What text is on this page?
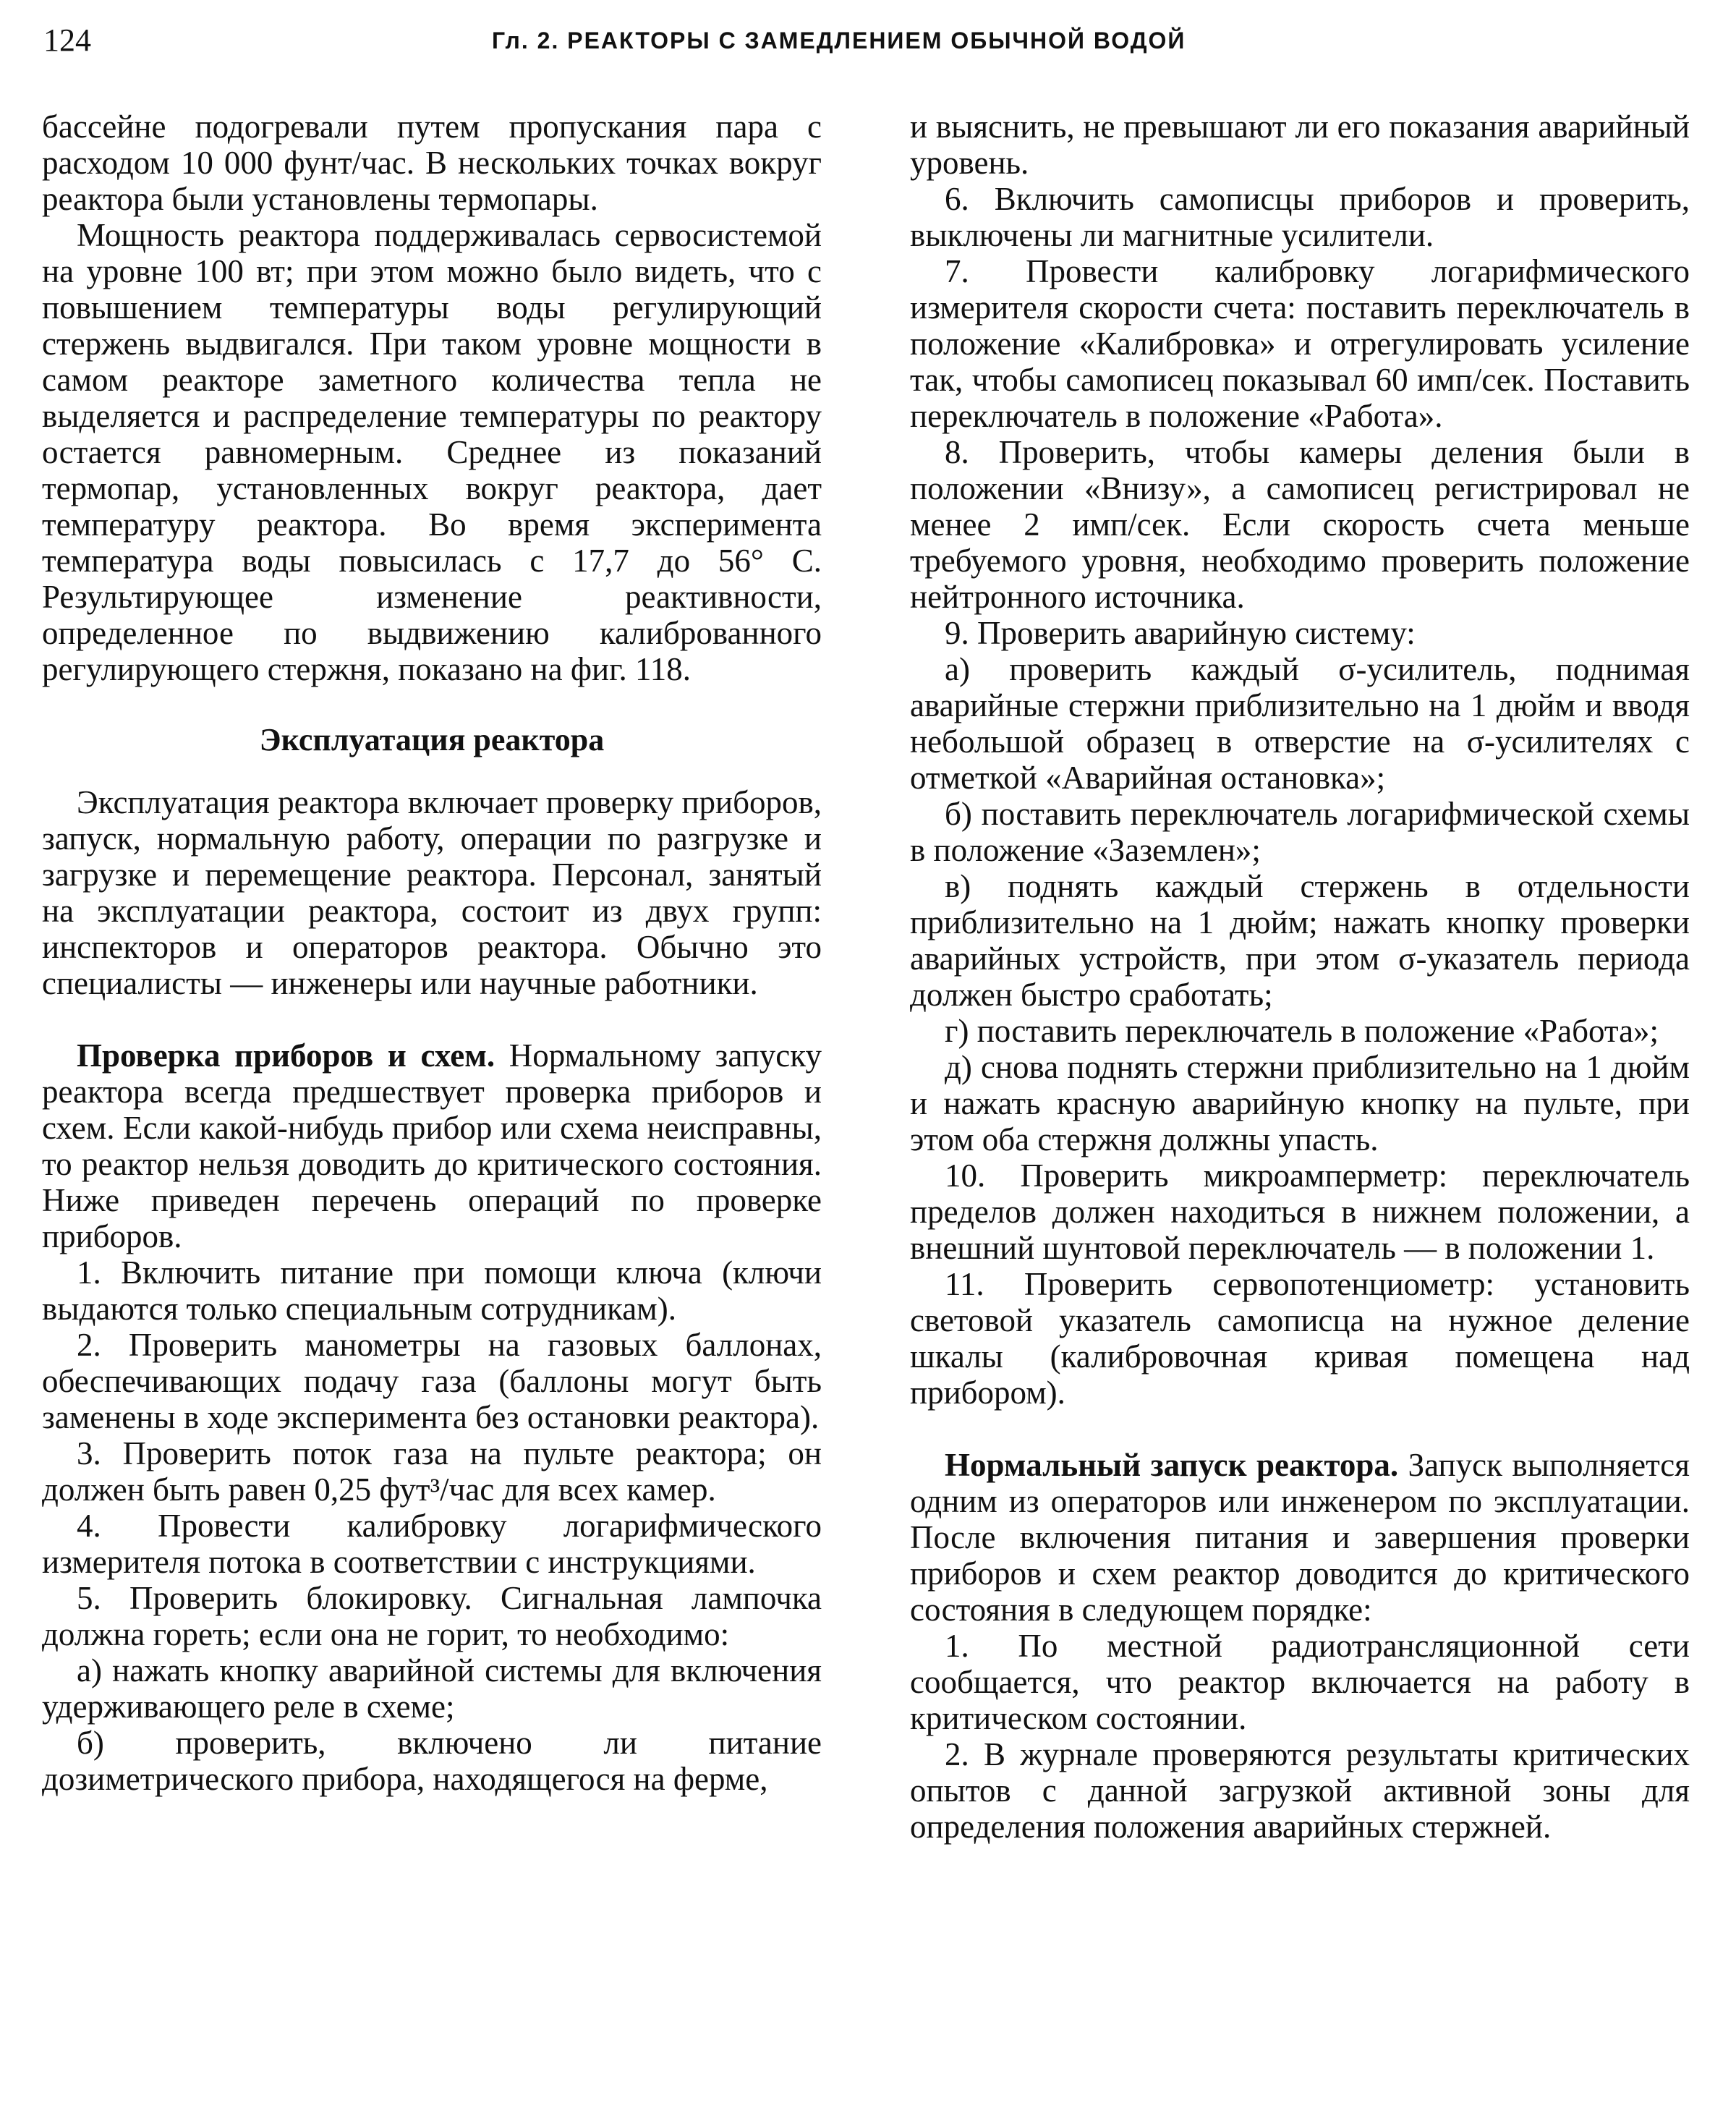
124	Гл. 2. РЕАКТОРЫ С ЗАМЕДЛЕНИЕМ ОБЫЧНОЙ ВОДОЙ

бассейне подогревали путем пропускания пара с расходом 10 000 фунт/час. В нескольких точках вокруг реактора были установлены термопары.

Мощность реактора поддерживалась сервосистемой на уровне 100 вт; при этом можно было видеть, что с повышением температуры воды регулирующий стержень выдвигался. При таком уровне мощности в самом реакторе заметного количества тепла не выделяется и распределение температуры по реактору остается равномерным. Среднее из показаний термопар, установленных вокруг реактора, дает температуру реактора. Во время эксперимента температура воды повысилась с 17,7 до 56° С. Результирующее изменение реактивности, определенное по выдвижению калиброванного регулирующего стержня, показано на фиг. 118.

Эксплуатация реактора

Эксплуатация реактора включает проверку приборов, запуск, нормальную работу, операции по разгрузке и загрузке и перемещение реактора. Персонал, занятый на эксплуатации реактора, состоит из двух групп: инспекторов и операторов реактора. Обычно это специалисты — инженеры или научные работники.

Проверка приборов и схем. Нормальному запуску реактора всегда предшествует проверка приборов и схем. Если какой-нибудь прибор или схема неисправны, то реактор нельзя доводить до критического состояния. Ниже приведен перечень операций по проверке приборов.

1. Включить питание при помощи ключа (ключи выдаются только специальным сотрудникам).

2. Проверить манометры на газовых баллонах, обеспечивающих подачу газа (баллоны могут быть заменены в ходе эксперимента без остановки реактора).

3. Проверить поток газа на пульте реактора; он должен быть равен 0,25 фут³/час для всех камер.

4. Провести калибровку логарифмического измерителя потока в соответствии с инструкциями.

5. Проверить блокировку. Сигнальная лампочка должна гореть; если она не горит, то необходимо:

а) нажать кнопку аварийной системы для включения удерживающего реле в схеме;

б) проверить, включено ли питание дозиметрического прибора, находящегося на ферме,

и выяснить, не превышают ли его показания аварийный уровень.

6. Включить самописцы приборов и проверить, выключены ли магнитные усилители.

7. Провести калибровку логарифмического измерителя скорости счета: поставить переключатель в положение «Калибровка» и отрегулировать усиление так, чтобы самописец показывал 60 имп/сек. Поставить переключатель в положение «Работа».

8. Проверить, чтобы камеры деления были в положении «Внизу», а самописец регистрировал не менее 2 имп/сек. Если скорость счета меньше требуемого уровня, необходимо проверить положение нейтронного источника.

9. Проверить аварийную систему:

а) проверить каждый σ-усилитель, поднимая аварийные стержни приблизительно на 1 дюйм и вводя небольшой образец в отверстие на σ-усилителях с отметкой «Аварийная остановка»;

б) поставить переключатель логарифмической схемы в положение «Заземлен»;

в) поднять каждый стержень в отдельности приблизительно на 1 дюйм; нажать кнопку проверки аварийных устройств, при этом σ-указатель периода должен быстро сработать;

г) поставить переключатель в положение «Работа»;

д) снова поднять стержни приблизительно на 1 дюйм и нажать красную аварийную кнопку на пульте, при этом оба стержня должны упасть.

10. Проверить микроамперметр: переключатель пределов должен находиться в нижнем положении, а внешний шунтовой переключатель — в положении 1.

11. Проверить сервопотенциометр: установить световой указатель самописца на нужное деление шкалы (калибровочная кривая помещена над прибором).

Нормальный запуск реактора. Запуск выполняется одним из операторов или инженером по эксплуатации. После включения питания и завершения проверки приборов и схем реактор доводится до критического состояния в следующем порядке:

1. По местной радиотрансляционной сети сообщается, что реактор включается на работу в критическом состоянии.

2. В журнале проверяются результаты критических опытов с данной загрузкой активной зоны для определения положения аварийных стержней.
